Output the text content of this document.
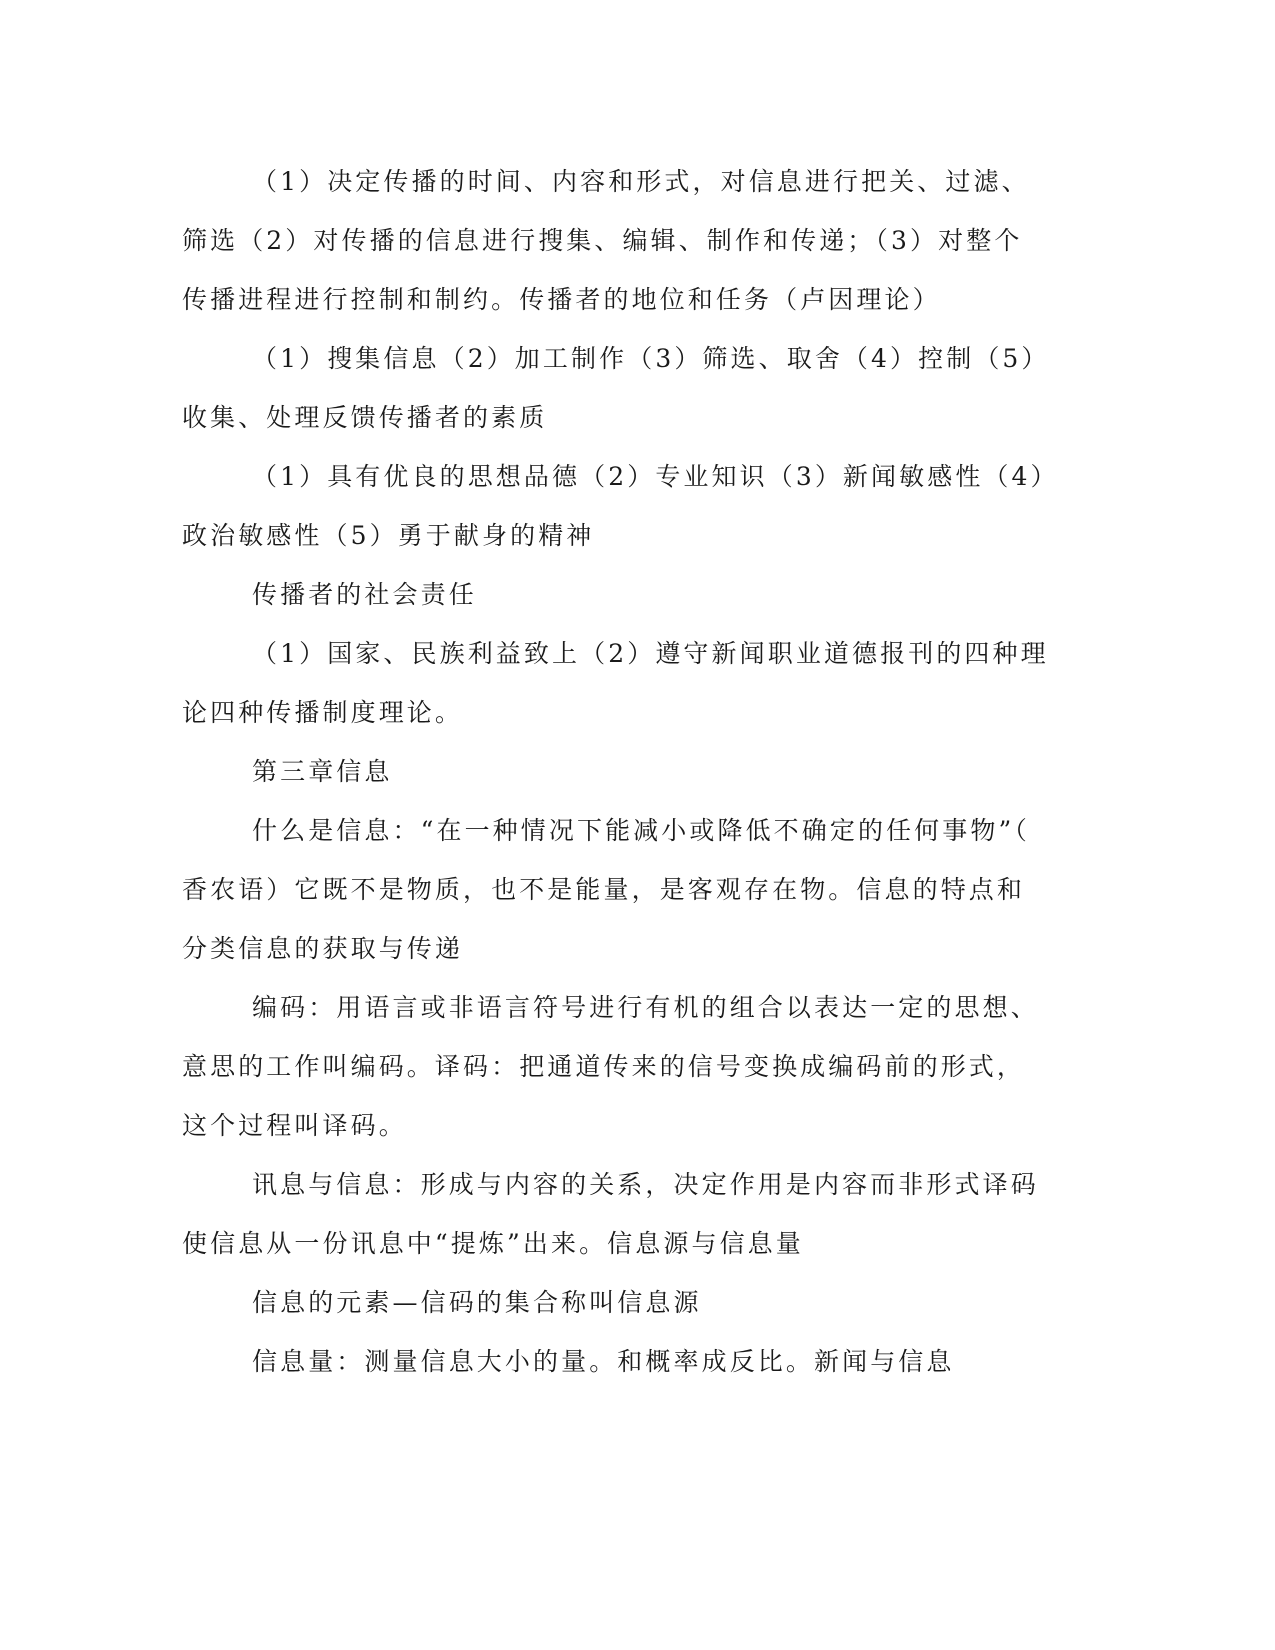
（1）决定传播的时间、内容和形式，对信息进行把关、过滤、
筛选（2）对传播的信息进行搜集、编辑、制作和传递；（3）对整个
传播进程进行控制和制约。传播者的地位和任务（卢因理论）
（1）搜集信息（2）加工制作（3）筛选、取舍（4）控制（5）
收集、处理反馈传播者的素质
（1）具有优良的思想品德（2）专业知识（3）新闻敏感性（4）
政治敏感性（5）勇于献身的精神
传播者的社会责任
（1）国家、民族利益致上（2）遵守新闻职业道德报刊的四种理
论四种传播制度理论。
第三章信息
什么是信息：“在一种情况下能减小或降低不确定的任何事物”（
香农语）它既不是物质，也不是能量，是客观存在物。信息的特点和
分类信息的获取与传递
编码：用语言或非语言符号进行有机的组合以表达一定的思想、
意思的工作叫编码。译码：把通道传来的信号变换成编码前的形式，
这个过程叫译码。
讯息与信息：形成与内容的关系，决定作用是内容而非形式译码
使信息从一份讯息中“提炼”出来。信息源与信息量
信息的元素—信码的集合称叫信息源
信息量：测量信息大小的量。和概率成反比。新闻与信息
